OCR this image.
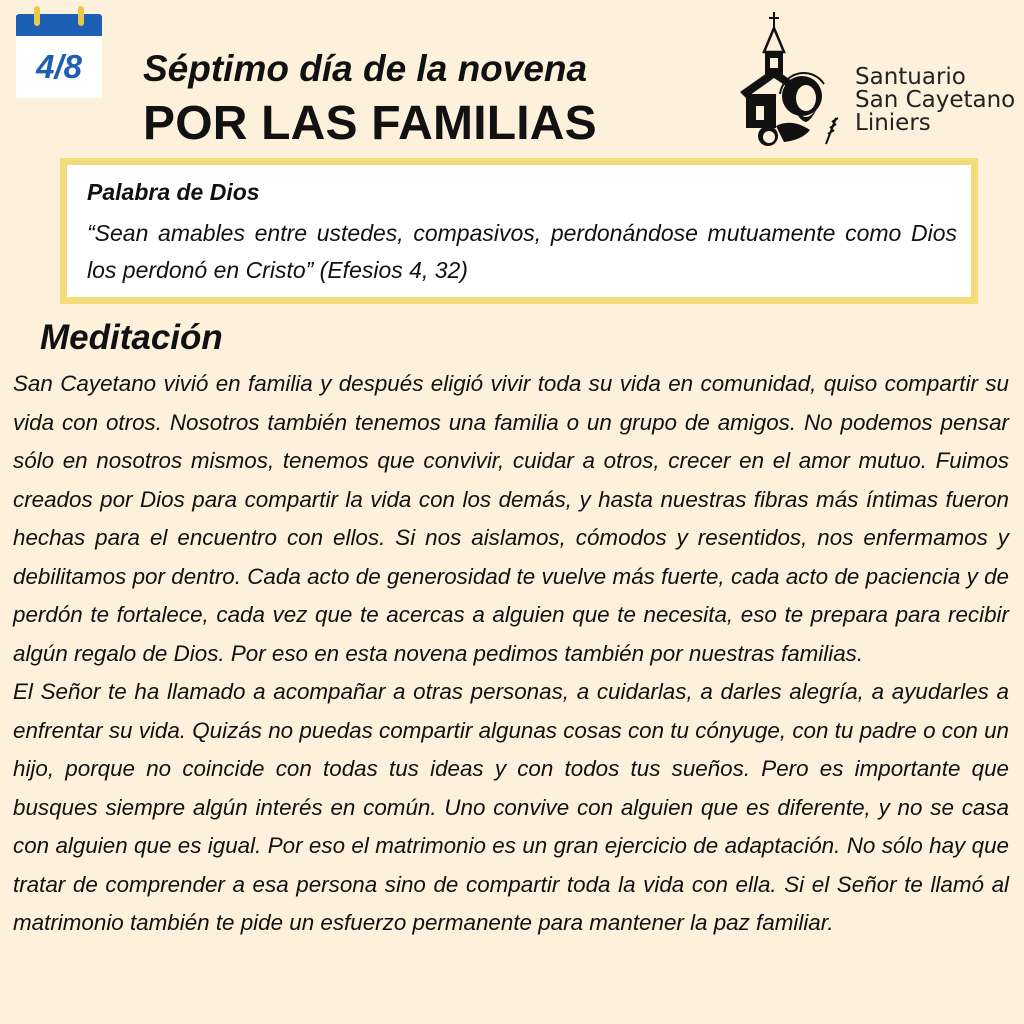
4/8	Séptimo día de la novena
POR LAS FAMILIAS
Santuario
San Cayetano
Liniers
Palabra de Dios
“Sean amables entre ustedes, compasivos, perdonándose mutuamente como Dios los perdonó en Cristo” (Efesios 4, 32)
Meditación

San Cayetano vivió en familia y después eligió vivir toda su vida en comunidad, quiso compartir su vida con otros. Nosotros también tenemos una familia o un grupo de amigos. No podemos pensar sólo en nosotros mismos, tenemos que convivir, cuidar a otros, crecer en el amor mutuo. Fuimos creados por Dios para compartir la vida con los demás, y hasta nuestras fibras más íntimas fueron hechas para el encuentro con ellos. Si nos aislamos, cómodos y resentidos, nos enfermamos y debilitamos por dentro. Cada acto de generosidad te vuelve más fuerte, cada acto de paciencia y de perdón te fortalece, cada vez que te acercas a alguien que te necesita, eso te prepara para recibir algún regalo de Dios. Por eso en esta novena pedimos también por nuestras familias.

El Señor te ha llamado a acompañar a otras personas, a cuidarlas, a darles alegría, a ayudarles a enfrentar su vida. Quizás no puedas compartir algunas cosas con tu cónyuge, con tu padre o con un hijo, porque no coincide con todas tus ideas y con todos tus sueños. Pero es importante que busques siempre algún interés en común. Uno convive con alguien que es diferente, y no se casa con alguien que es igual. Por eso el matrimonio es un gran ejercicio de adaptación. No sólo hay que tratar de comprender a esa persona sino de compartir toda la vida con ella. Si el Señor te llamó al matrimonio también te pide un esfuerzo permanente para mantener la paz familiar.
